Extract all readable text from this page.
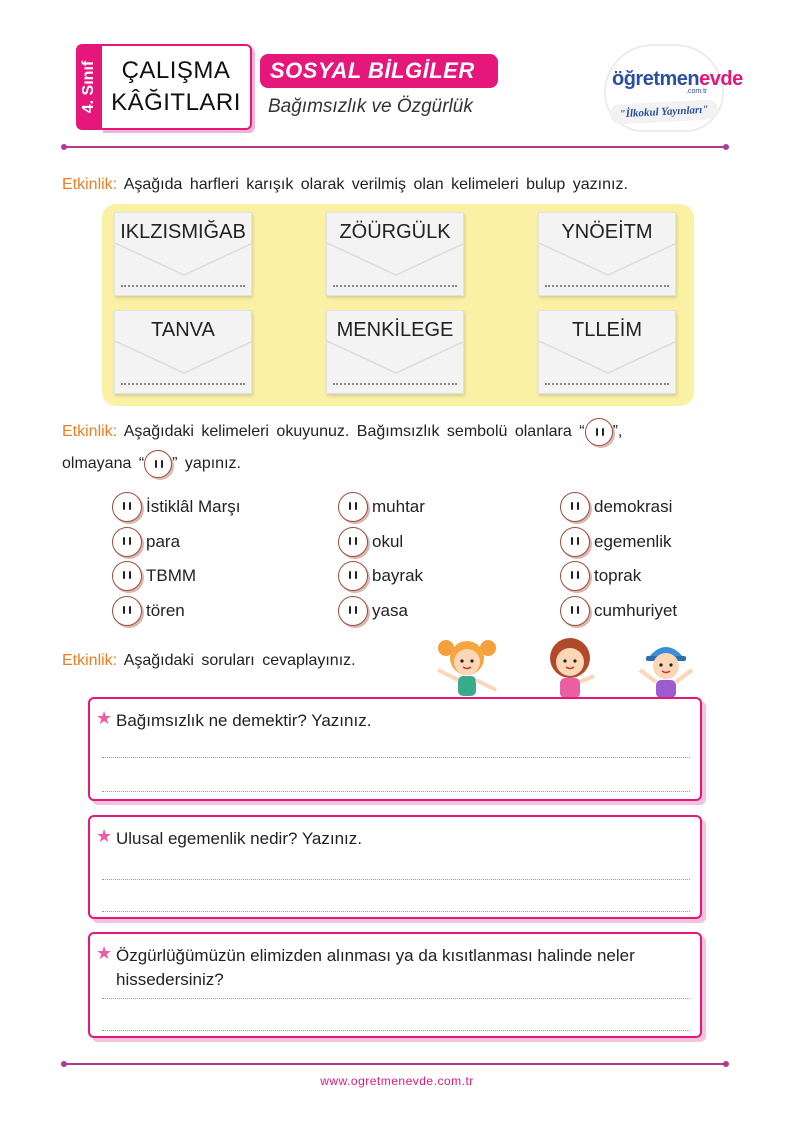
4. Sınıf	ÇALIŞMA
KÂĞITLARI
SOSYAL BİLGİLER
Bağımsızlık ve Özgürlük
öğretmenevde
.com.tr
"İlkokul Yayınları"
Etkinlik: Aşağıda harfleri karışık olarak verilmiş olan kelimeleri bulup yazınız.
IKLZISMIĞAB	ZÖÜRGÜLK	YNÖEİTM
TANVA	MENKİLEGE	TLLEİM
Etkinlik: Aşağıdaki kelimeleri okuyunuz. Bağımsızlık sembolü olanlara “ ”,
olmayana “ ” yapınız.
İstiklâl Marşı	muhtar	demokrasi
para	okul	egemenlik
TBMM	bayrak	toprak
tören	yasa	cumhuriyet
Etkinlik: Aşağıdaki soruları cevaplayınız.
★ Bağımsızlık ne demektir? Yazınız.
★ Ulusal egemenlik nedir? Yazınız.
★ Özgürlüğümüzün elimizden alınması ya da kısıtlanması halinde neler hissedersiniz?
www.ogretmenevde.com.tr
